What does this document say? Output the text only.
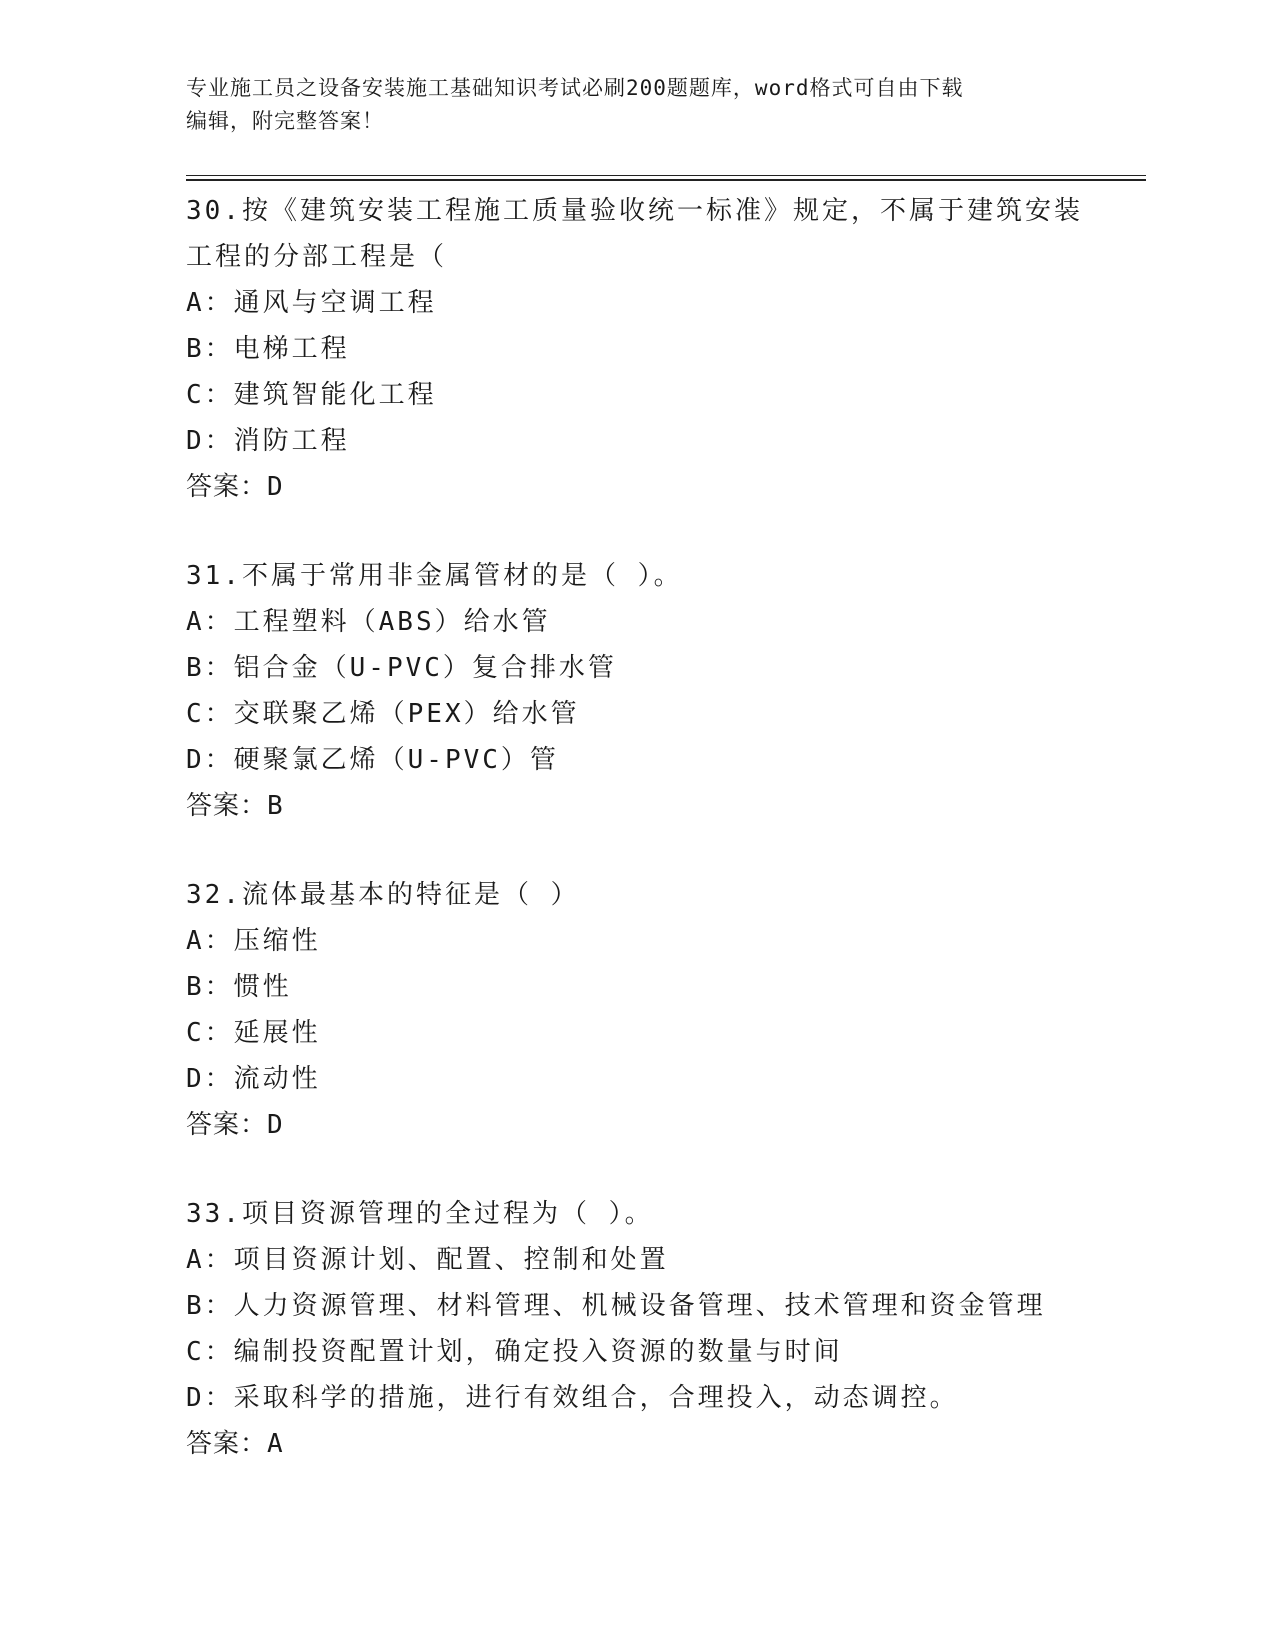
专业施工员之设备安装施工基础知识考试必刷200题题库，word格式可自由下载
编辑，附完整答案！
30.按《建筑安装工程施工质量验收统一标准》规定，不属于建筑安装
工程的分部工程是（
A：通风与空调工程
B：电梯工程
C：建筑智能化工程
D：消防工程
答案：D
31.不属于常用非金属管材的是（ ）。
A：工程塑料（ABS）给水管
B：铝合金（U-PVC）复合排水管
C：交联聚乙烯（PEX）给水管
D：硬聚氯乙烯（U-PVC）管
答案：B
32.流体最基本的特征是（ ）
A：压缩性
B：惯性
C：延展性
D：流动性
答案：D
33.项目资源管理的全过程为（ ）。
A：项目资源计划、配置、控制和处置
B：人力资源管理、材料管理、机械设备管理、技术管理和资金管理
C：编制投资配置计划，确定投入资源的数量与时间
D：采取科学的措施，进行有效组合，合理投入，动态调控。
答案：A
